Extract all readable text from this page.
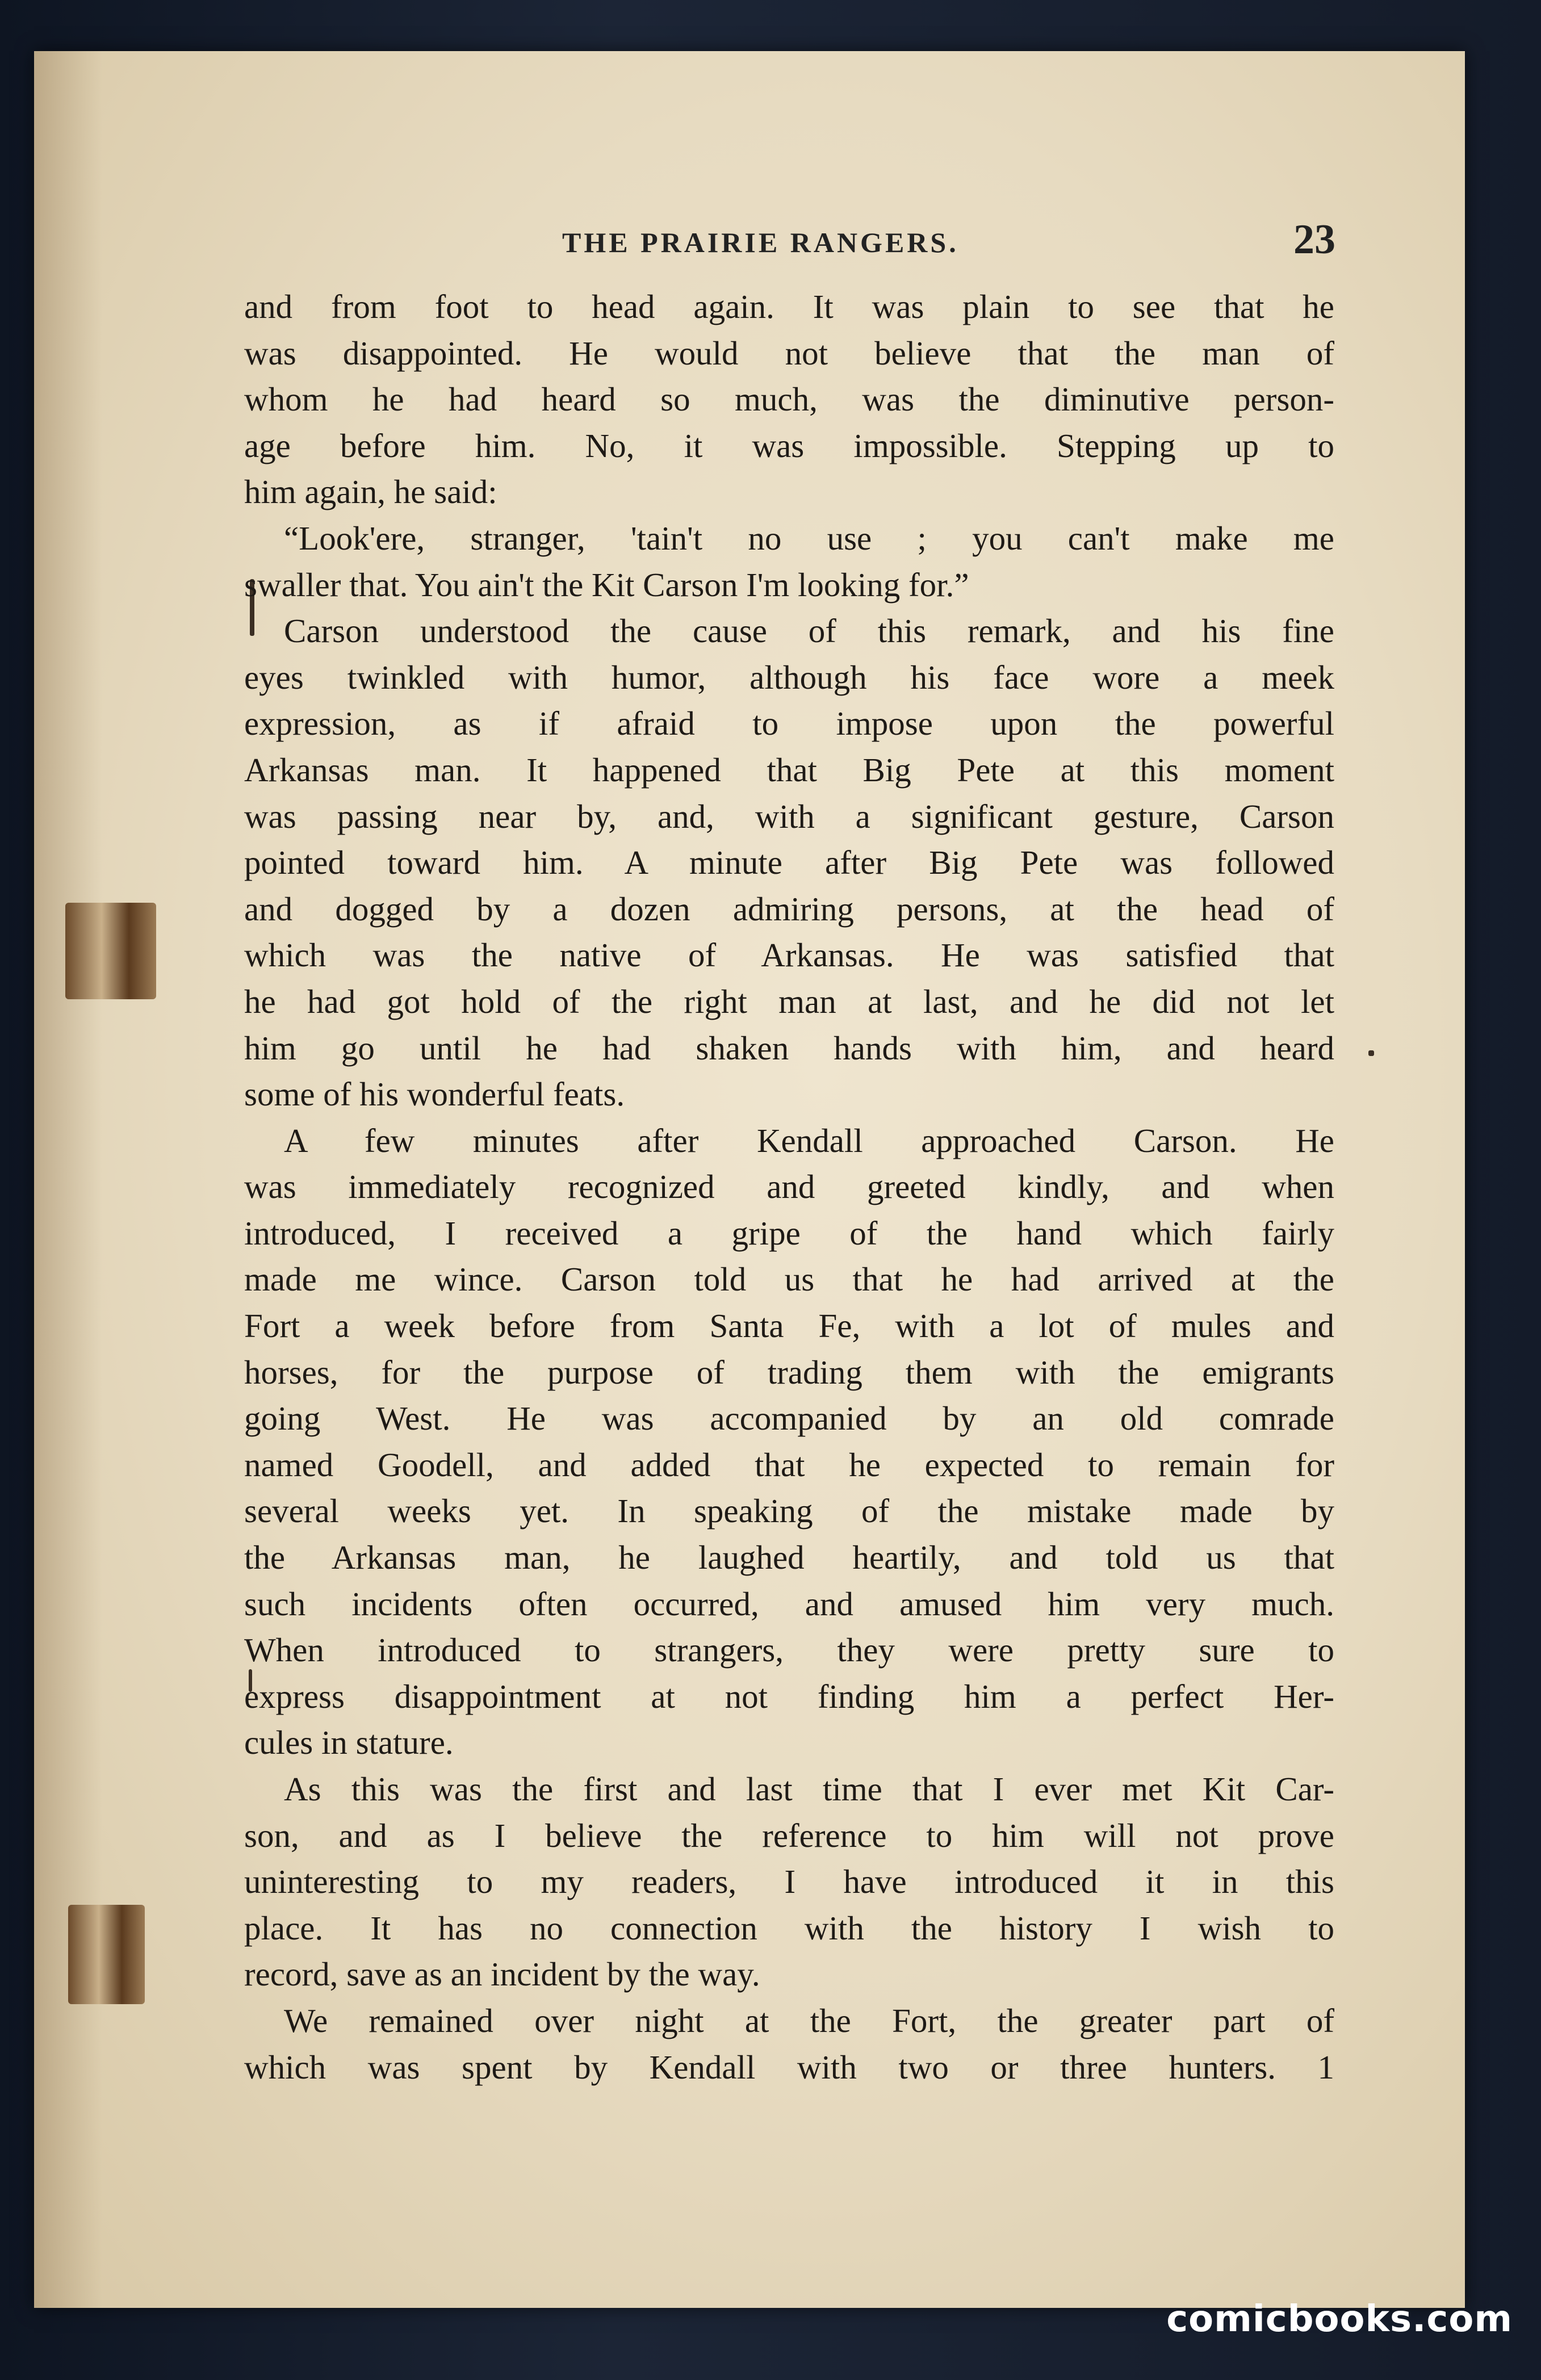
THE PRAIRIE RANGERS.	23
and from foot to head again. It was plain to see that he
was disappointed. He would not believe that the man of
whom he had heard so much, was the diminutive person-
age before him. No, it was impossible. Stepping up to
him again, he said:
“Look'ere, stranger, 'tain't no use ; you can't make me
swaller that. You ain't the Kit Carson I'm looking for.”
Carson understood the cause of this remark, and his fine
eyes twinkled with humor, although his face wore a meek
expression, as if afraid to impose upon the powerful
Arkansas man. It happened that Big Pete at this moment
was passing near by, and, with a significant gesture, Carson
pointed toward him. A minute after Big Pete was followed
and dogged by a dozen admiring persons, at the head of
which was the native of Arkansas. He was satisfied that
he had got hold of the right man at last, and he did not let
him go until he had shaken hands with him, and heard
some of his wonderful feats.
A few minutes after Kendall approached Carson. He
was immediately recognized and greeted kindly, and when
introduced, I received a gripe of the hand which fairly
made me wince. Carson told us that he had arrived at the
Fort a week before from Santa Fe, with a lot of mules and
horses, for the purpose of trading them with the emigrants
going West. He was accompanied by an old comrade
named Goodell, and added that he expected to remain for
several weeks yet. In speaking of the mistake made by
the Arkansas man, he laughed heartily, and told us that
such incidents often occurred, and amused him very much.
When introduced to strangers, they were pretty sure to
express disappointment at not finding him a perfect Her-
cules in stature.
As this was the first and last time that I ever met Kit Car-
son, and as I believe the reference to him will not prove
uninteresting to my readers, I have introduced it in this
place. It has no connection with the history I wish to
record, save as an incident by the way.
We remained over night at the Fort, the greater part of
which was spent by Kendall with two or three hunters. 1
comicbooks.com
